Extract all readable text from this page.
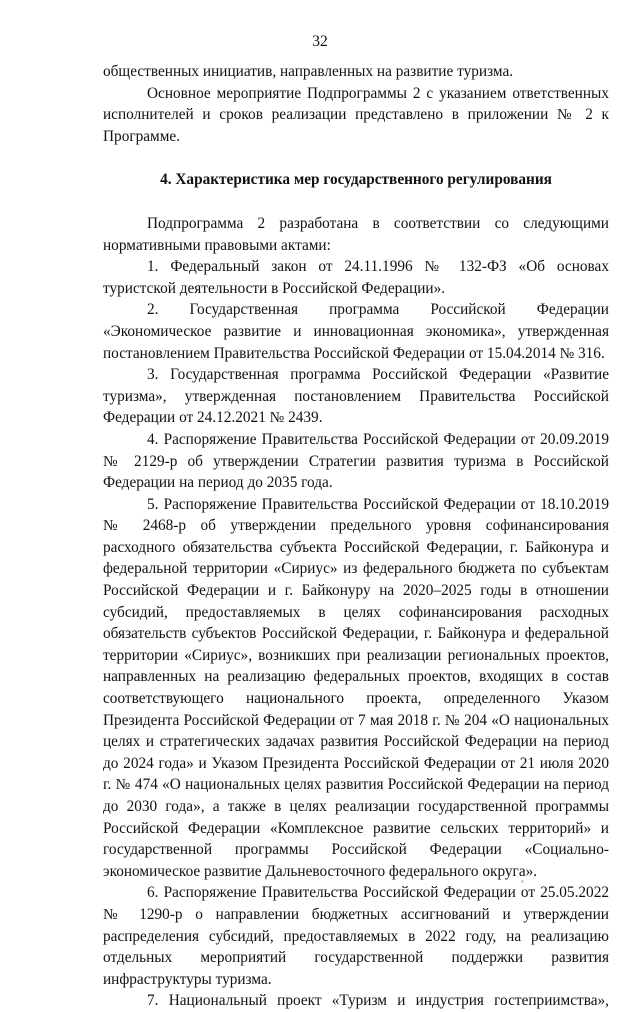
32

общественных инициатив, направленных на развитие туризма.

Основное мероприятие Подпрограммы 2 с указанием ответственных исполнителей и сроков реализации представлено в приложении № 2 к Программе.

4. Характеристика мер государственного регулирования

Подпрограмма 2 разработана в соответствии со следующими нормативными правовыми актами:

1. Федеральный закон от 24.11.1996 № 132-ФЗ «Об основах туристской деятельности в Российской Федерации».

2. Государственная программа Российской Федерации «Экономическое развитие и инновационная экономика», утвержденная постановлением Правительства Российской Федерации от 15.04.2014 № 316.

3. Государственная программа Российской Федерации «Развитие туризма», утвержденная постановлением Правительства Российской Федерации от 24.12.2021 № 2439.

4. Распоряжение Правительства Российской Федерации от 20.09.2019 № 2129-р об утверждении Стратегии развития туризма в Российской Федерации на период до 2035 года.

5. Распоряжение Правительства Российской Федерации от 18.10.2019 № 2468-р об утверждении предельного уровня софинансирования расходного обязательства субъекта Российской Федерации, г. Байконура и федеральной территории «Сириус» из федерального бюджета по субъектам Российской Федерации и г. Байконуру на 2020–2025 годы в отношении субсидий, предоставляемых в целях софинансирования расходных обязательств субъектов Российской Федерации, г. Байконура и федеральной территории «Сириус», возникших при реализации региональных проектов, направленных на реализацию федеральных проектов, входящих в состав соответствующего национального проекта, определенного Указом Президента Российской Федерации от 7 мая 2018 г. № 204 «О национальных целях и стратегических задачах развития Российской Федерации на период до 2024 года» и Указом Президента Российской Федерации от 21 июля 2020 г. № 474 «О национальных целях развития Российской Федерации на период до 2030 года», а также в целях реализации государственной программы Российской Федерации «Комплексное развитие сельских территорий» и государственной программы Российской Федерации «Социально-экономическое развитие Дальневосточного федерального округа».

6. Распоряжение Правительства Российской Федерации от 25.05.2022 № 1290-р о направлении бюджетных ассигнований и утверждении распределения субсидий, предоставляемых в 2022 году, на реализацию отдельных мероприятий государственной поддержки развития инфраструктуры туризма.

7. Национальный проект «Туризм и индустрия гостеприимства»,
